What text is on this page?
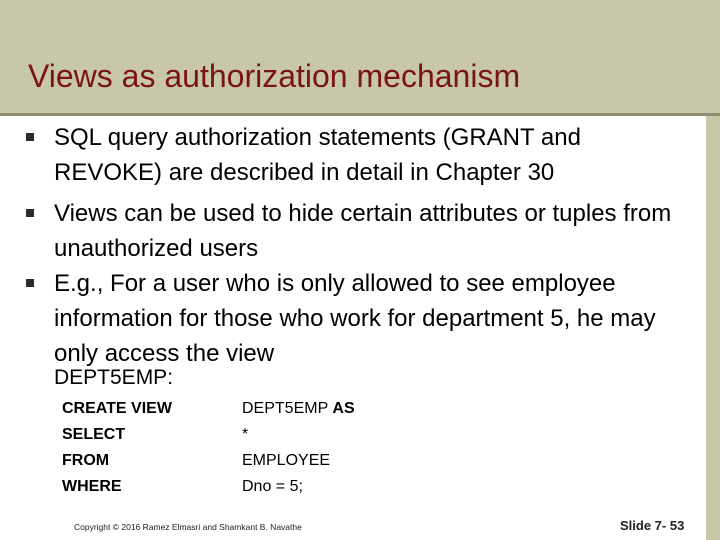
Views as authorization mechanism
SQL query authorization statements (GRANT and REVOKE) are described in detail in Chapter 30
Views can be used to hide certain attributes or tuples from unauthorized users
E.g., For a user who is only allowed to see employee information for those who work for department 5, he may only access the view
DEPT5EMP:
CREATE VIEW	DEPT5EMP AS
SELECT	*
FROM	EMPLOYEE
WHERE	Dno = 5;
Copyright © 2016 Ramez Elmasri and Shamkant B. Navathe	Slide 7- 53
